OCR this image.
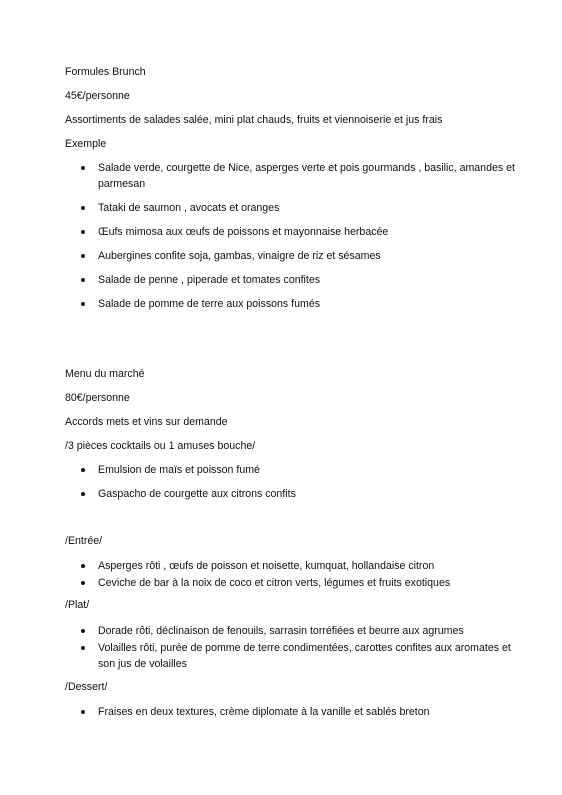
Formules Brunch
45€/personne
Assortiments de salades salée, mini plat chauds, fruits et viennoiserie et jus frais
Exemple
Salade verde, courgette de Nice, asperges verte et pois gourmands , basilic, amandes et parmesan
Tataki de saumon , avocats et oranges
Œufs mimosa aux œufs de poissons et mayonnaise herbacée
Aubergines confite soja, gambas, vinaigre de riz et sésames
Salade de penne , piperade et tomates confites
Salade de pomme de terre aux poissons fumés
Menu du marché
80€/personne
Accords mets et vins sur demande
/3 pièces cocktails ou 1 amuses bouche/
Emulsion de maïs et poisson fumé
Gaspacho de courgette aux citrons confits
/Entrée/
Asperges rôti , œufs de poisson et noisette, kumquat, hollandaise citron
Ceviche de bar à la noix de coco et citron verts, légumes et fruits exotiques
/Plat/
Dorade rôti, déclinaison de fenouils, sarrasin torréfiées et beurre aux agrumes
Volailles rôti, purée de pomme de terre condimentées, carottes confites aux aromates et son jus de volailles
/Dessert/
Fraises en deux textures, crème diplomate à la vanille et sablés breton
